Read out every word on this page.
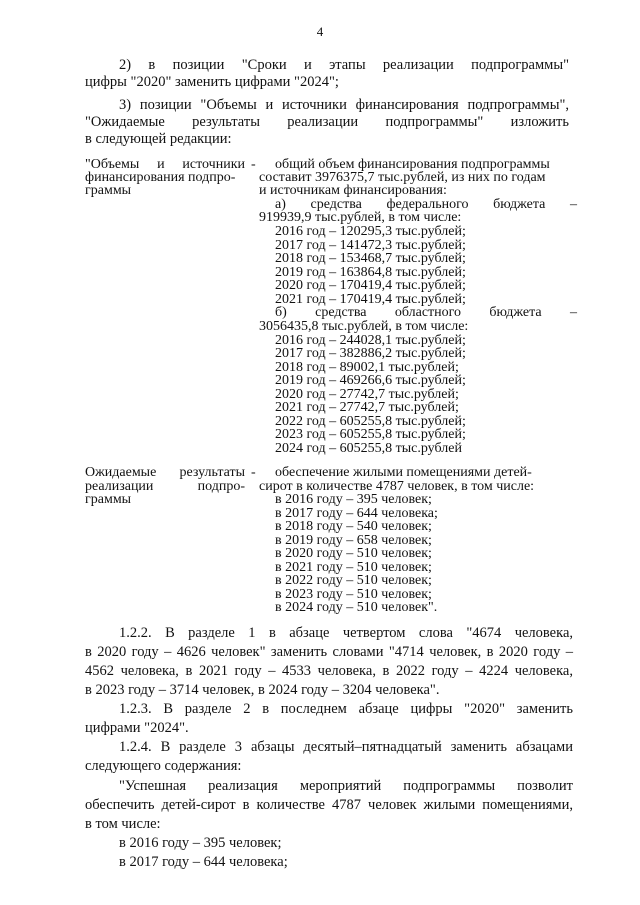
4
2) в позиции "Сроки и этапы реализации подпрограммы"
цифры "2020" заменить цифрами "2024";
3) позиции "Объемы и источники финансирования подпрограммы",
"Ожидаемые результаты реализации подпрограммы" изложить
в следующей редакции:
"Объемы и источники
финансирования подпро-
граммы
- общий объем финансирования подпрограммы
составит 3976375,7 тыс.рублей, из них по годам
и источникам финансирования:
а) средства федерального бюджета –
919939,9 тыс.рублей, в том числе:
2016 год – 120295,3 тыс.рублей;
2017 год – 141472,3 тыс.рублей;
2018 год – 153468,7 тыс.рублей;
2019 год – 163864,8 тыс.рублей;
2020 год – 170419,4 тыс.рублей;
2021 год – 170419,4 тыс.рублей;
б) средства областного бюджета –
3056435,8 тыс.рублей, в том числе:
2016 год – 244028,1 тыс.рублей;
2017 год – 382886,2 тыс.рублей;
2018 год – 89002,1 тыс.рублей;
2019 год – 469266,6 тыс.рублей;
2020 год – 27742,7 тыс.рублей;
2021 год – 27742,7 тыс.рублей;
2022 год – 605255,8 тыс.рублей;
2023 год – 605255,8 тыс.рублей;
2024 год – 605255,8 тыс.рублей
Ожидаемые результаты
реализации подпро-
граммы
- обеспечение жилыми помещениями детей-
сирот в количестве 4787 человек, в том числе:
в 2016 году – 395 человек;
в 2017 году – 644 человека;
в 2018 году – 540 человек;
в 2019 году – 658 человек;
в 2020 году – 510 человек;
в 2021 году – 510 человек;
в 2022 году – 510 человек;
в 2023 году – 510 человек;
в 2024 году – 510 человек".
1.2.2. В разделе 1 в абзаце четвертом слова "4674 человека,
в 2020 году – 4626 человек" заменить словами "4714 человек, в 2020 году –
4562 человека, в 2021 году – 4533 человека, в 2022 году – 4224 человека,
в 2023 году – 3714 человек, в 2024 году – 3204 человека".
1.2.3. В разделе 2 в последнем абзаце цифры "2020" заменить
цифрами "2024".
1.2.4. В разделе 3 абзацы десятый–пятнадцатый заменить абзацами
следующего содержания:
"Успешная реализация мероприятий подпрограммы позволит
обеспечить детей-сирот в количестве 4787 человек жилыми помещениями,
в том числе:
в 2016 году – 395 человек;
в 2017 году – 644 человека;
